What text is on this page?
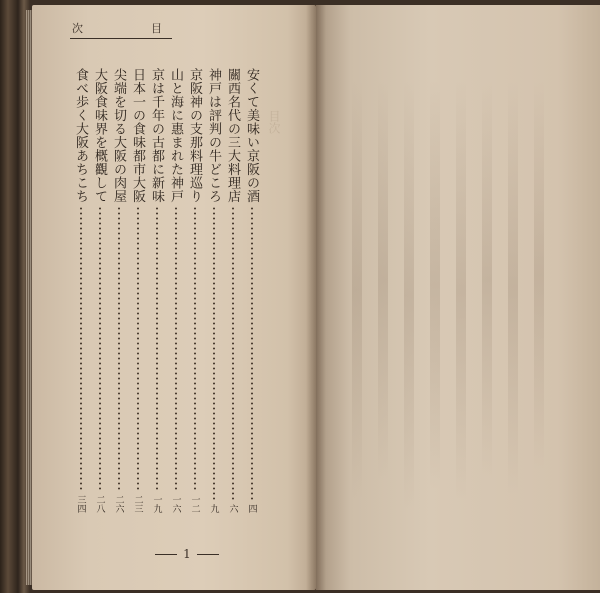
次	目
安くて美味い京阪の酒
四
關西名代の三大料理店
六
神戸は評判の牛どころ
九
京阪神の支那料理巡り
一二
山と海に惠まれた神戸
一六
京は千年の古都に新味
一九
日本一の食味都市大阪
二三
尖端を切る大阪の肉屋
二六
大阪食味界を概觀して
二八
食べ歩く大阪あちこち
三四
1
目次
